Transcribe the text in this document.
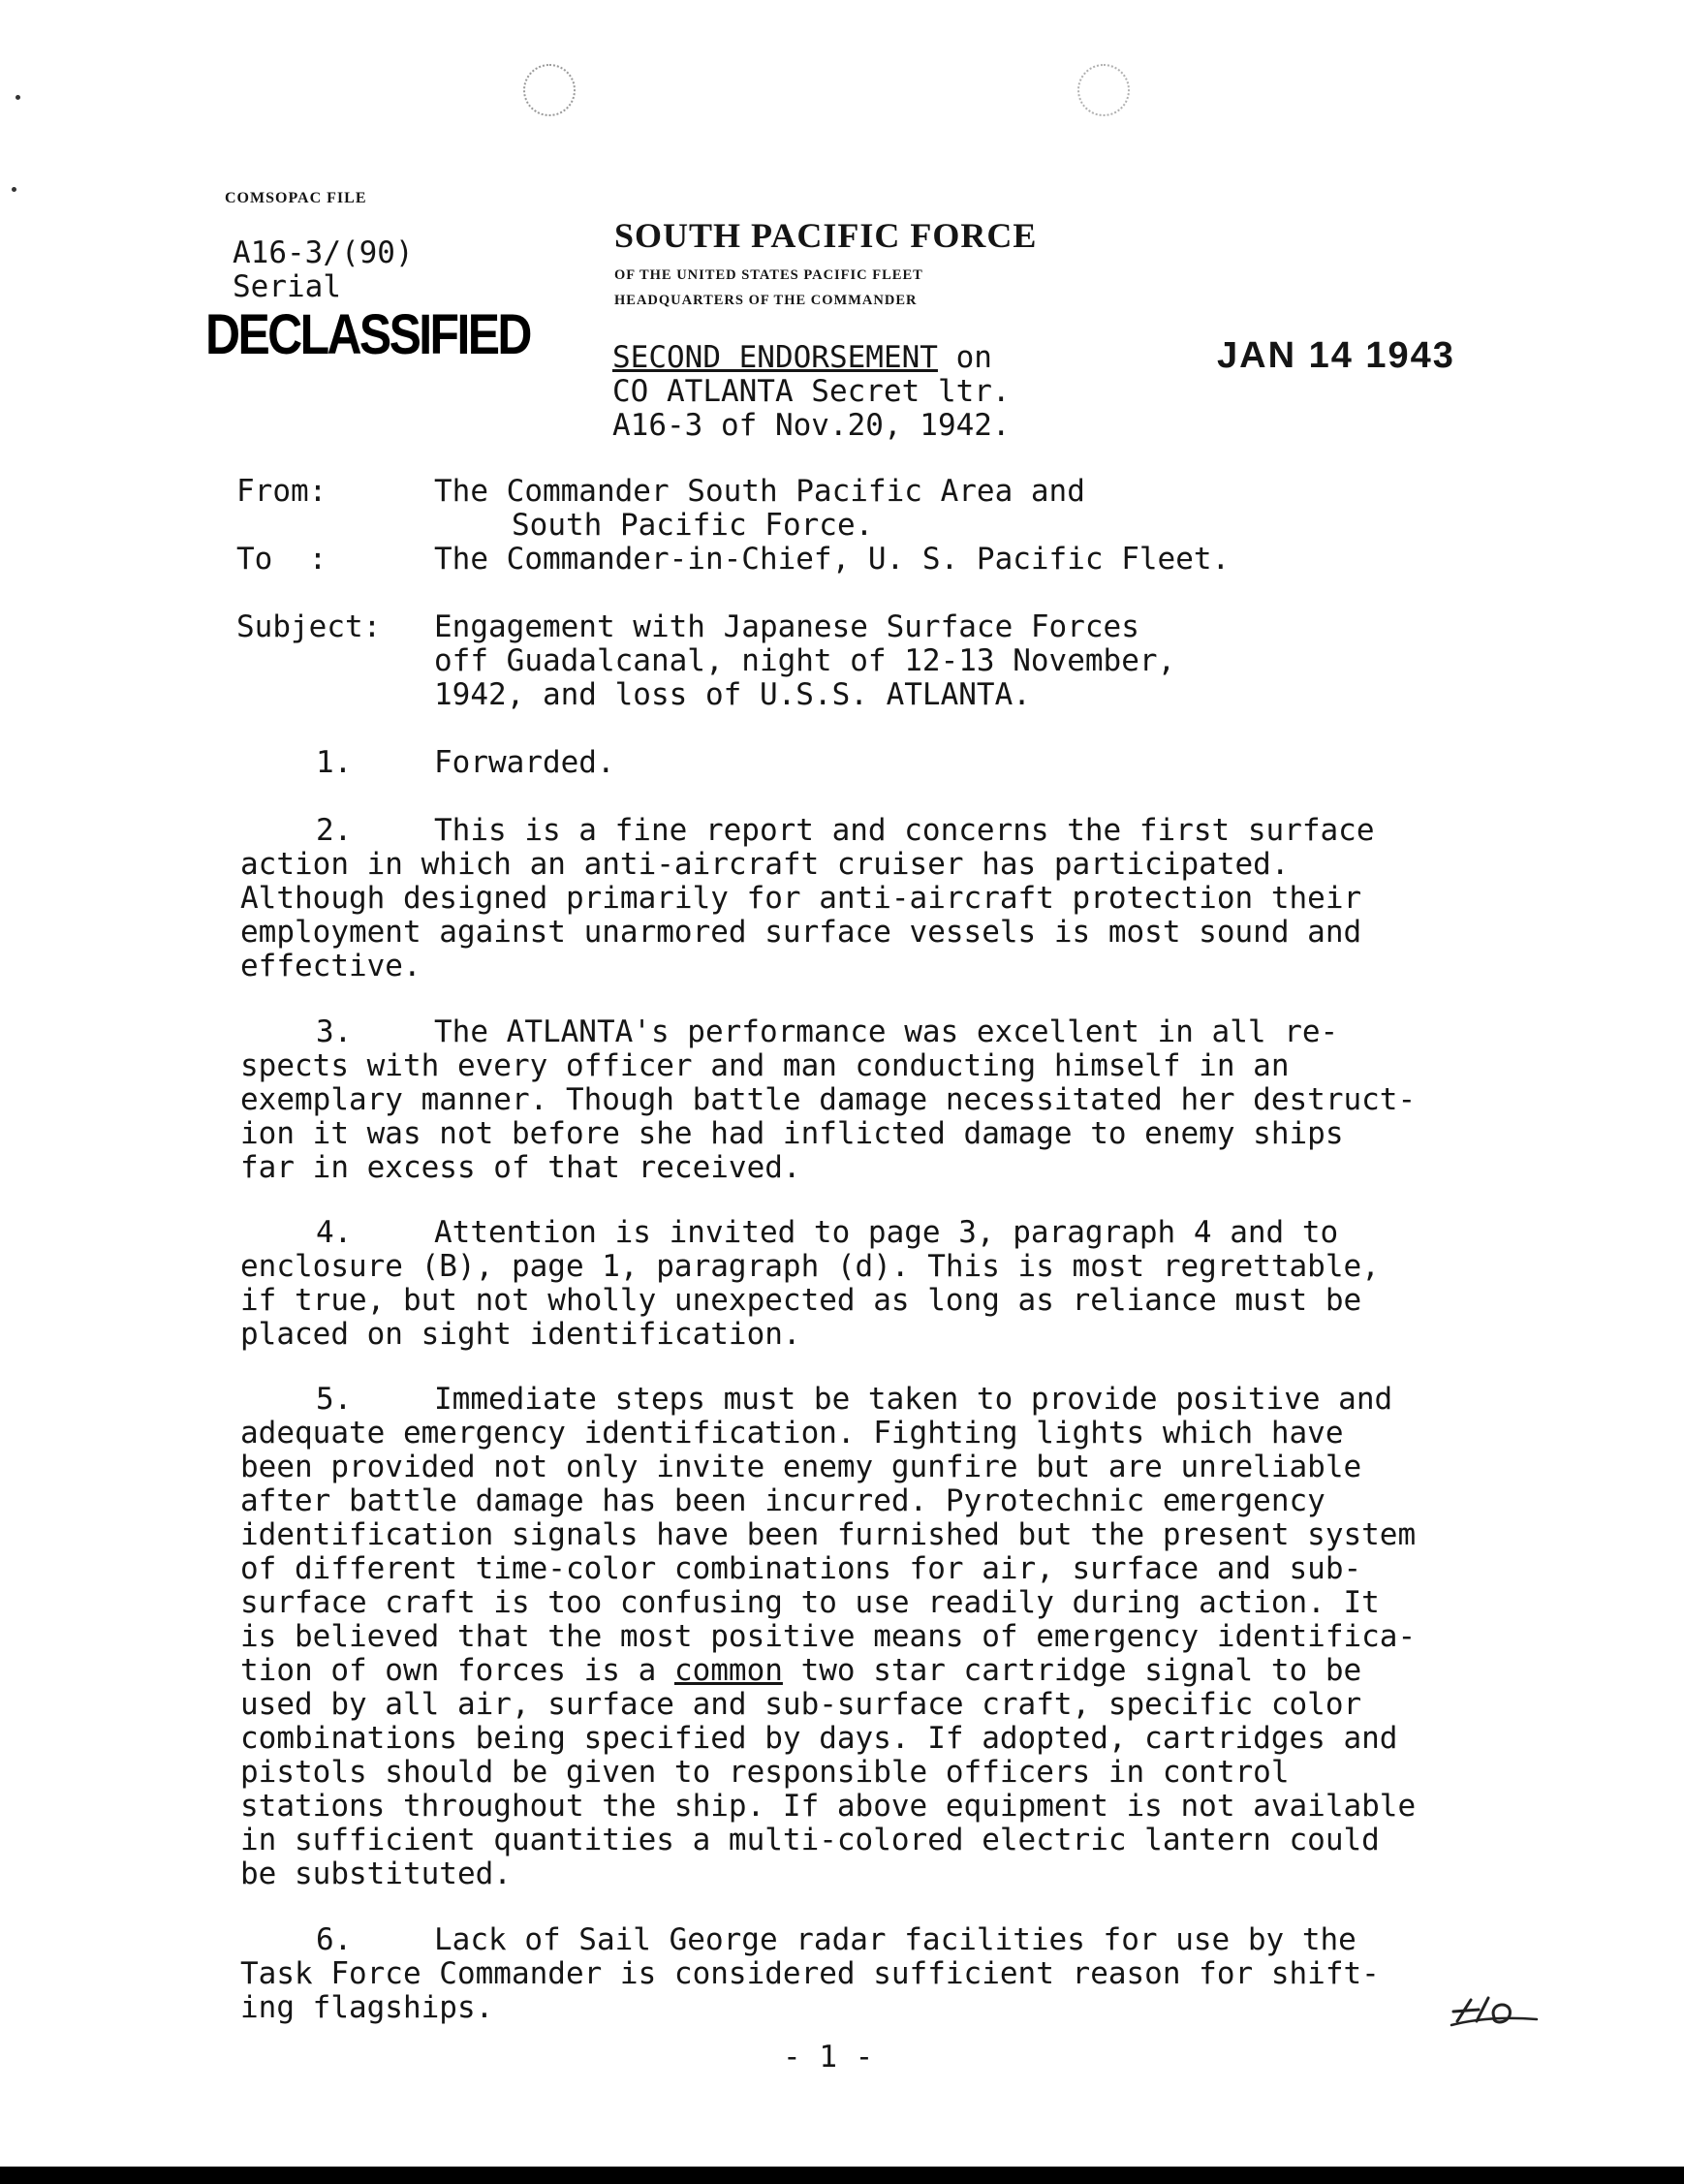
COMSOPAC FILE
A16-3/(90)
Serial
DECLASSIFIED
SOUTH PACIFIC FORCE
OF THE UNITED STATES PACIFIC FLEET
HEADQUARTERS OF THE COMMANDER
SECOND ENDORSEMENT on
CO ATLANTA Secret ltr.
A16-3 of Nov.20, 1942.
JAN 14 1943
From:	The Commander South Pacific Area and
South Pacific Force.
To  :	The Commander-in-Chief, U. S. Pacific Fleet.
Subject: Engagement with Japanese Surface Forces
off Guadalcanal, night of 12-13 November,
1942, and loss of U.S.S. ATLANTA.
1.	Forwarded.
2.	This is a fine report and concerns the first surface
action in which an anti-aircraft cruiser has participated.
Although designed primarily for anti-aircraft protection their
employment against unarmored surface vessels is most sound and
effective.
3.	The ATLANTA's performance was excellent in all re-
spects with every officer and man conducting himself in an
exemplary manner. Though battle damage necessitated her destruct-
ion it was not before she had inflicted damage to enemy ships
far in excess of that received.
4.	Attention is invited to page 3, paragraph 4 and to
enclosure (B), page 1, paragraph (d). This is most regrettable,
if true, but not wholly unexpected as long as reliance must be
placed on sight identification.
5.	Immediate steps must be taken to provide positive and
adequate emergency identification. Fighting lights which have
been provided not only invite enemy gunfire but are unreliable
after battle damage has been incurred. Pyrotechnic emergency
identification signals have been furnished but the present system
of different time-color combinations for air, surface and sub-
surface craft is too confusing to use readily during action. It
is believed that the most positive means of emergency identifica-
tion of own forces is a common two star cartridge signal to be
used by all air, surface and sub-surface craft, specific color
combinations being specified by days. If adopted, cartridges and
pistols should be given to responsible officers in control
stations throughout the ship. If above equipment is not available
in sufficient quantities a multi-colored electric lantern could
be substituted.
6.	Lack of Sail George radar facilities for use by the
Task Force Commander is considered sufficient reason for shift-
ing flagships.
- 1 -
